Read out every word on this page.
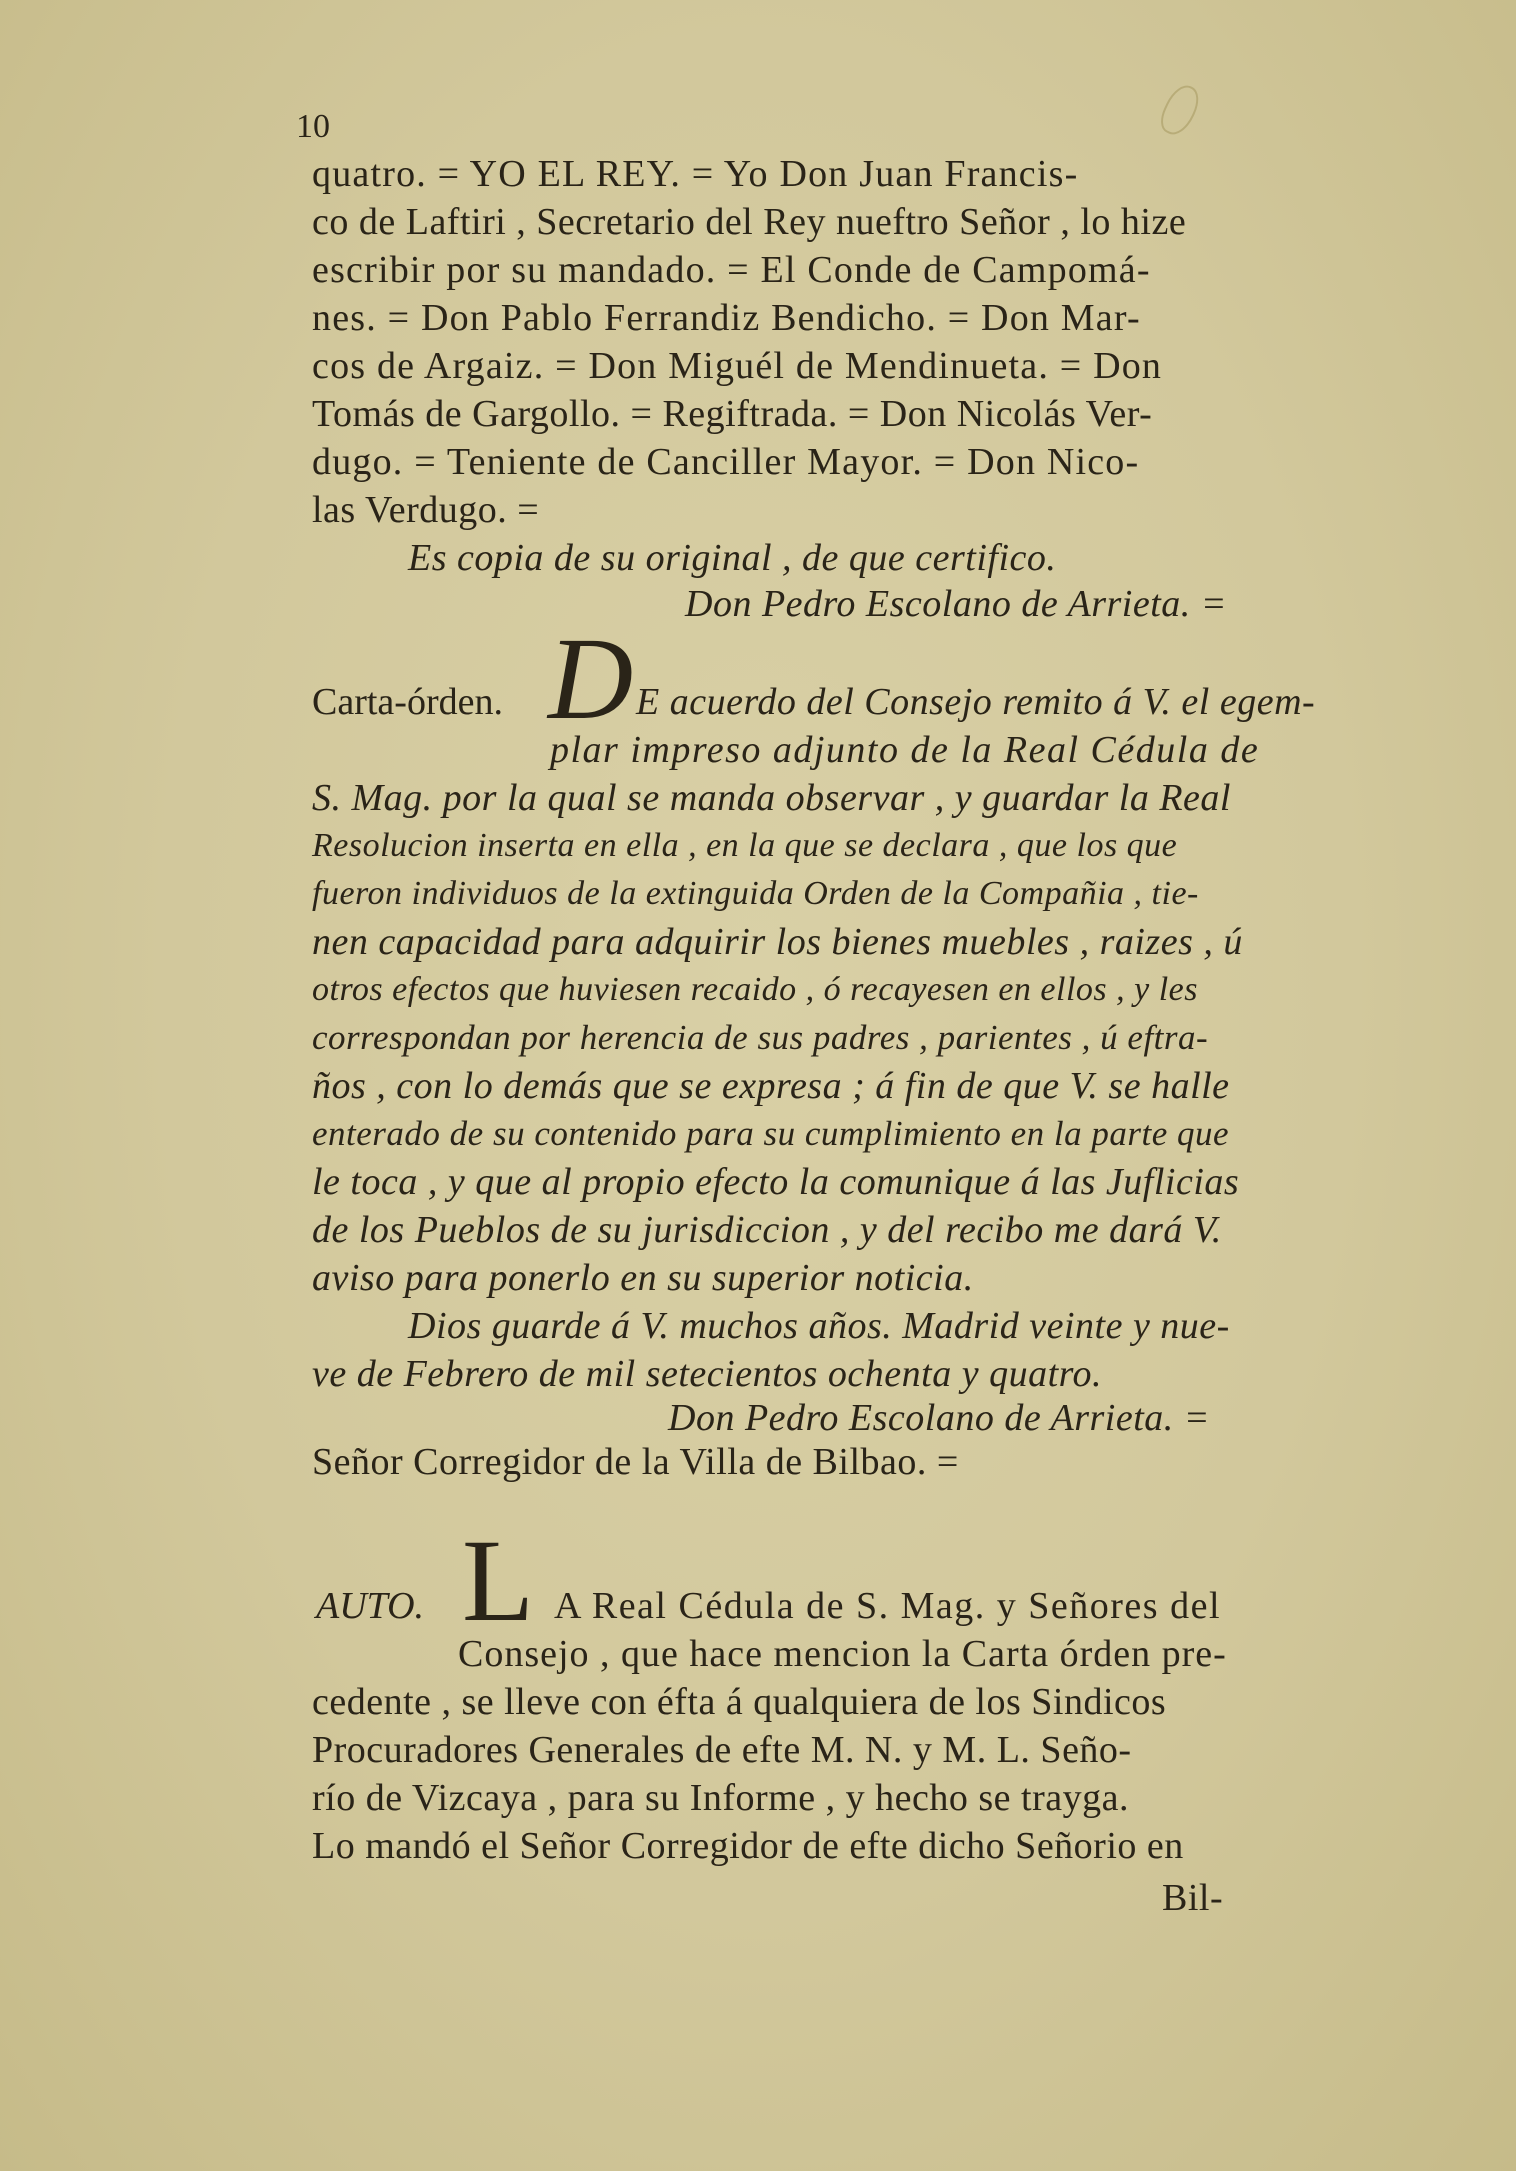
10
quatro. = YO EL REY. = Yo Don Juan Francis-
co de Laftiri , Secretario del Rey nueftro Señor , lo hize
escribir por su mandado. = El Conde de Campomá-
nes. = Don Pablo Ferrandiz Bendicho. = Don Mar-
cos de Argaiz. = Don Miguél de Mendinueta. = Don
Tomás de Gargollo. = Regiftrada. = Don Nicolás Ver-
dugo. = Teniente de Canciller Mayor. = Don Nico-
las Verdugo. =
Es copia de su original , de que certifico.
Don Pedro Escolano de Arrieta. =
Carta-órden. D E acuerdo del Consejo remito á V. el egem-
plar impreso adjunto de la Real Cédula de
S. Mag. por la qual se manda observar , y guardar la Real
Resolucion inserta en ella , en la que se declara , que los que
fueron individuos de la extinguida Orden de la Compañia , tie-
nen capacidad para adquirir los bienes muebles , raizes , ú
otros efectos que huviesen recaido , ó recayesen en ellos , y les
correspondan por herencia de sus padres , parientes , ú eftra-
ños , con lo demás que se expresa ; á fin de que V. se halle
enterado de su contenido para su cumplimiento en la parte que
le toca , y que al propio efecto la comunique á las Juflicias
de los Pueblos de su jurisdiccion , y del recibo me dará V.
aviso para ponerlo en su superior noticia.
Dios guarde á V. muchos años. Madrid veinte y nue-
ve de Febrero de mil setecientos ochenta y quatro.
Don Pedro Escolano de Arrieta. =
Señor Corregidor de la Villa de Bilbao. =
AUTO. L A Real Cédula de S. Mag. y Señores del
Consejo , que hace mencion la Carta órden pre-
cedente , se lleve con éfta á qualquiera de los Sindicos
Procuradores Generales de efte M. N. y M. L. Seño-
río de Vizcaya , para su Informe , y hecho se trayga.
Lo mandó el Señor Corregidor de efte dicho Señorio en
Bil-
